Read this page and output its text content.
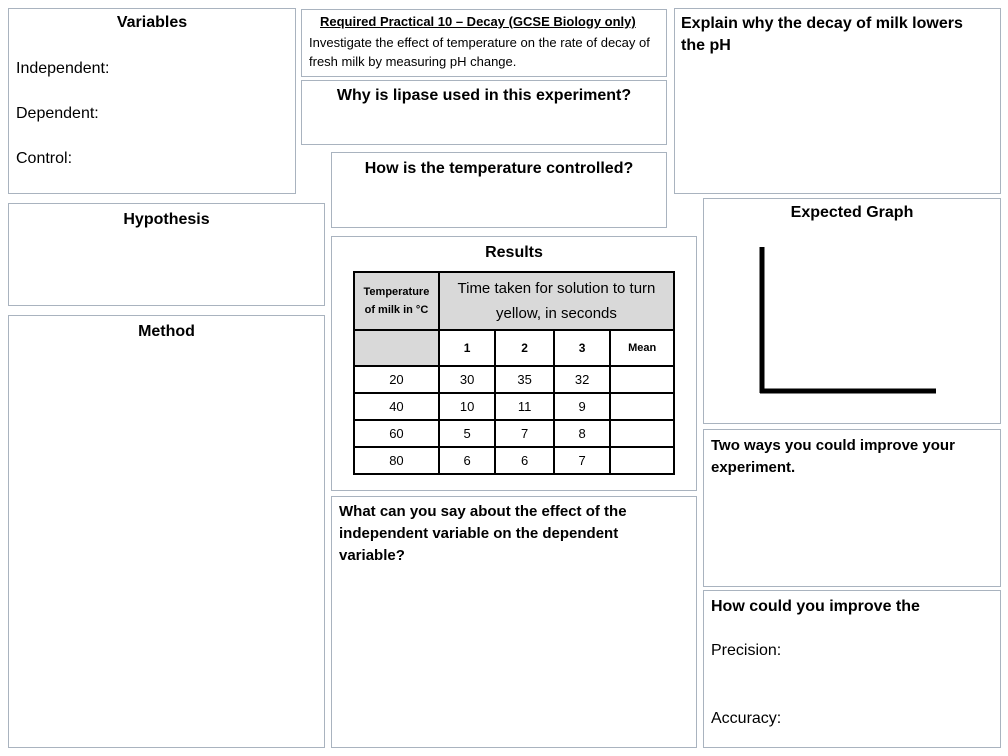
Variables
Independent:
Dependent:
Control:
Required Practical 10 – Decay (GCSE Biology only)
Investigate the effect of temperature on the rate of decay of fresh milk by measuring pH change.
Why is lipase used in this experiment?
How is the temperature controlled?
Explain why the decay of milk lowers the pH
Hypothesis
Method
Results
Temperature of milk in °C	Time taken for solution to turn yellow, in seconds			
	1	2	3	Mean
20	30	35	32	
40	10	11	9	
60	5	7	8	
80	6	6	7	
What can you say about the effect of the independent variable on the dependent variable?
Expected Graph
Two ways you could improve your experiment.
How could you improve the
Precision:
Accuracy:
